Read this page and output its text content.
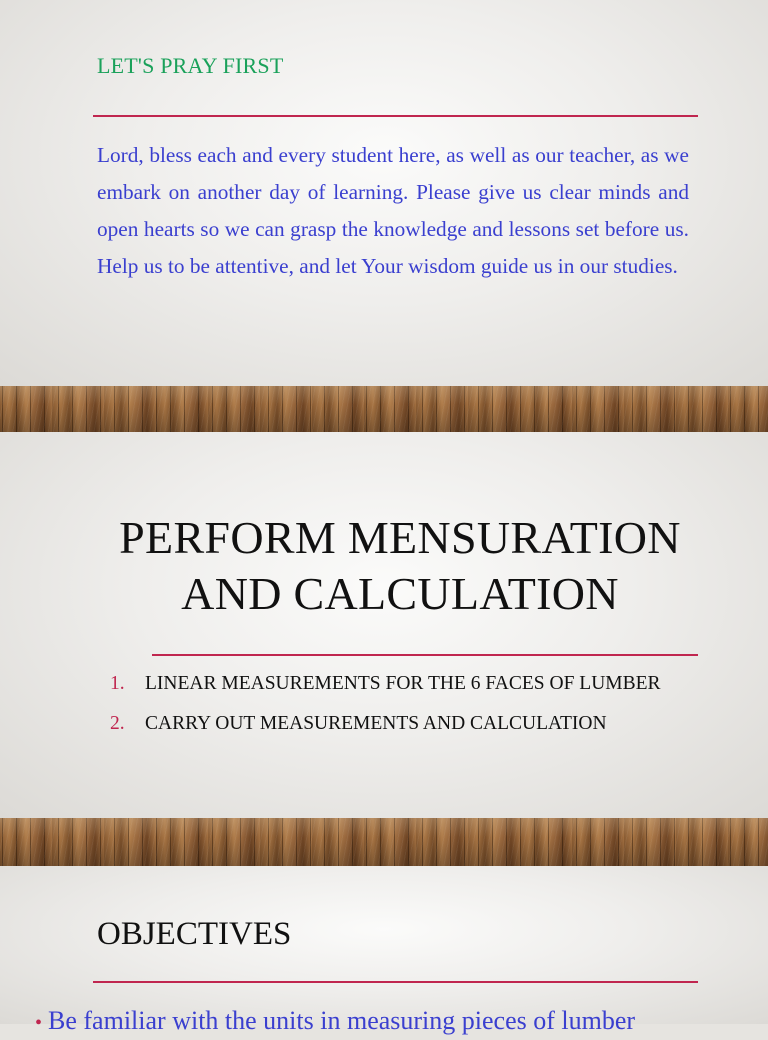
LET'S PRAY FIRST
Lord, bless each and every student here, as well as our teacher, as we embark on another day of learning. Please give us clear minds and open hearts so we can grasp the knowledge and lessons set before us. Help us to be attentive, and let Your wisdom guide us in our studies.
PERFORM MENSURATION
AND CALCULATION
1. LINEAR MEASUREMENTS FOR THE 6 FACES OF LUMBER
2. CARRY OUT MEASUREMENTS AND CALCULATION
OBJECTIVES
• Be familiar with the units in measuring pieces of lumber
